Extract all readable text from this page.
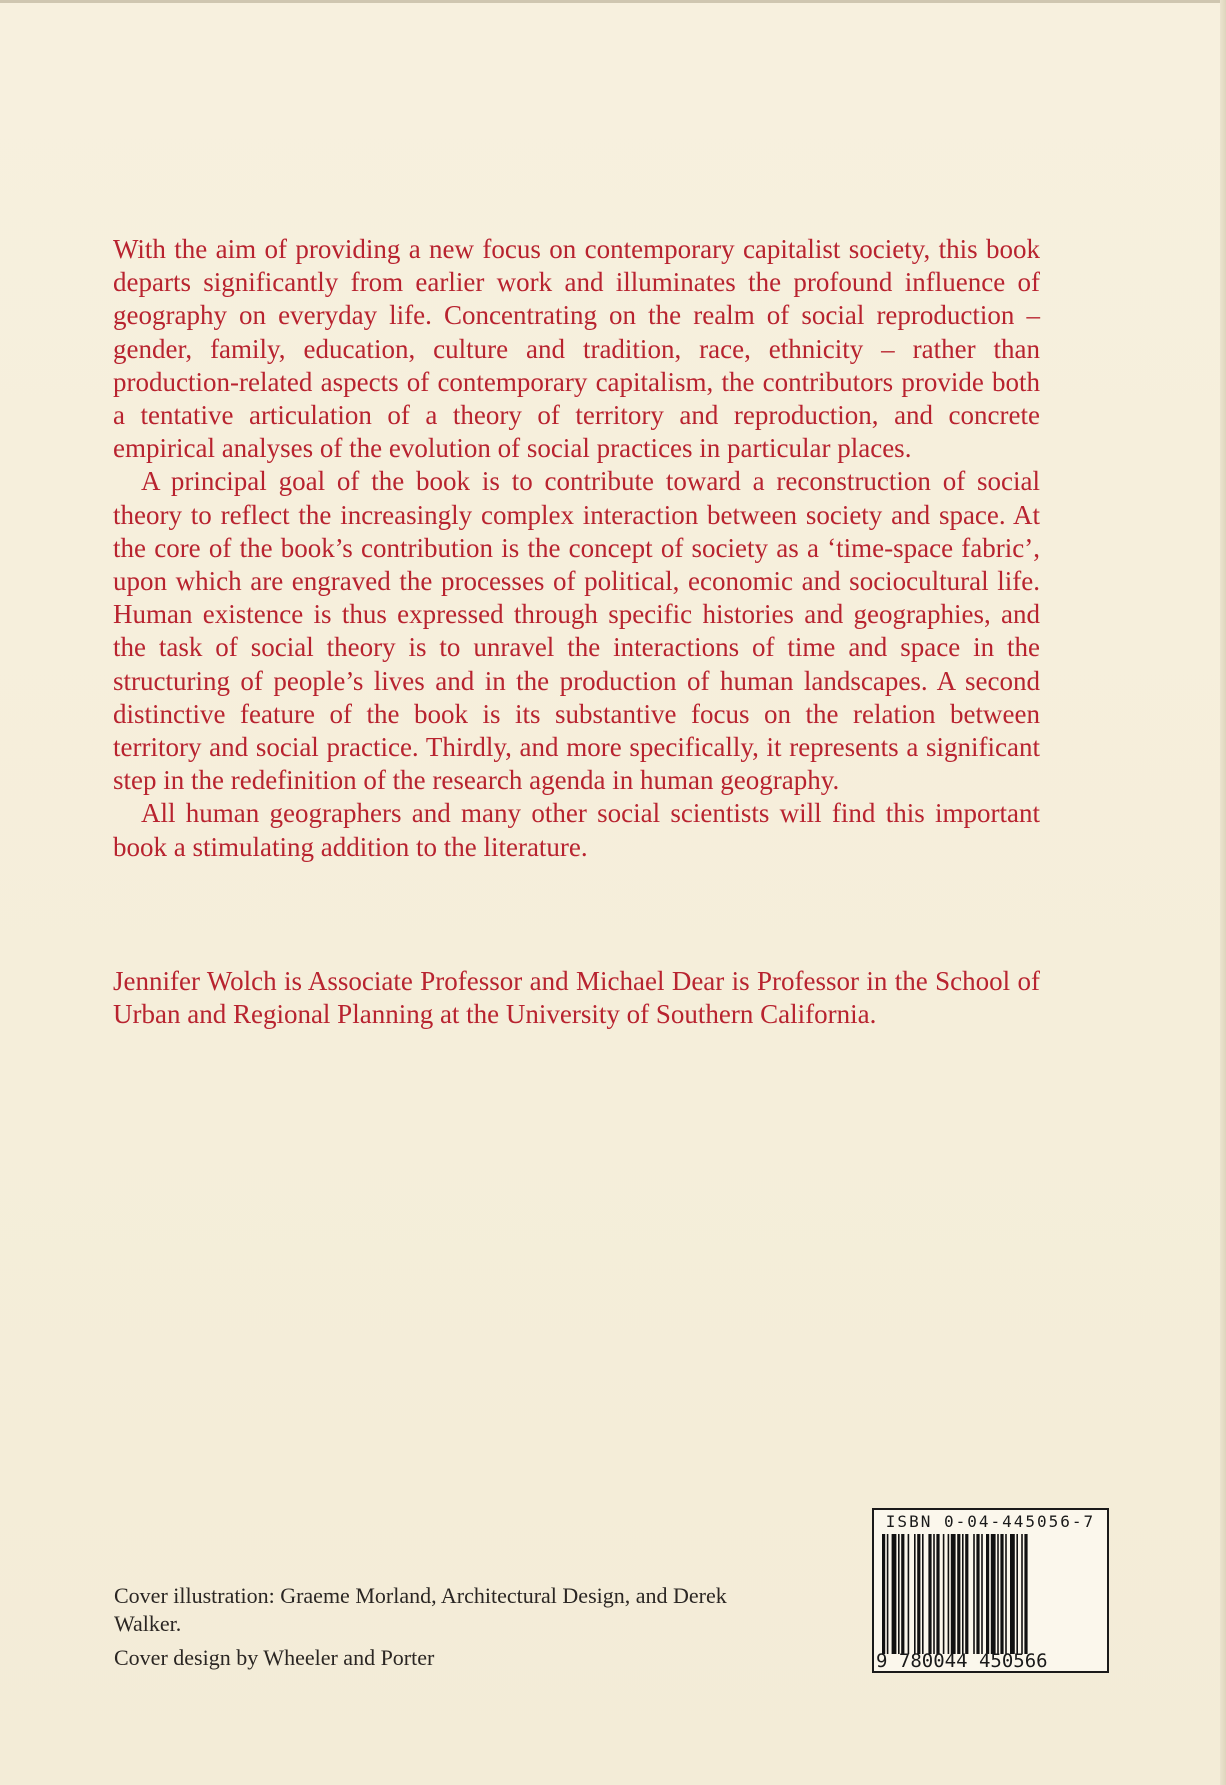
With the aim of providing a new focus on contemporary capitalist society, this book departs significantly from earlier work and illuminates the profound influence of geography on everyday life. Concentrating on the realm of social reproduction – gender, family, education, culture and tradition, race, ethnicity – rather than production-related aspects of contemporary capitalism, the contributors provide both a tentative articulation of a theory of territory and reproduction, and concrete empirical analyses of the evolution of social practices in particular places.

A principal goal of the book is to contribute toward a reconstruction of social theory to reflect the increasingly complex interaction between society and space. At the core of the book’s contribution is the concept of society as a ‘time-space fabric’, upon which are engraved the processes of political, economic and sociocultural life. Human existence is thus expressed through specific histories and geographies, and the task of social theory is to unravel the interactions of time and space in the structuring of people’s lives and in the production of human landscapes. A second distinctive feature of the book is its substantive focus on the relation between territory and social practice. Thirdly, and more specifically, it represents a significant step in the redefinition of the research agenda in human geography.

All human geographers and many other social scientists will find this important book a stimulating addition to the literature.

Jennifer Wolch is Associate Professor and Michael Dear is Professor in the School of Urban and Regional Planning at the University of Southern California.

Cover illustration: Graeme Morland, Architectural Design, and Derek Walker.

Cover design by Wheeler and Porter

ISBN 0-04-445056-7
9 780044 450566
